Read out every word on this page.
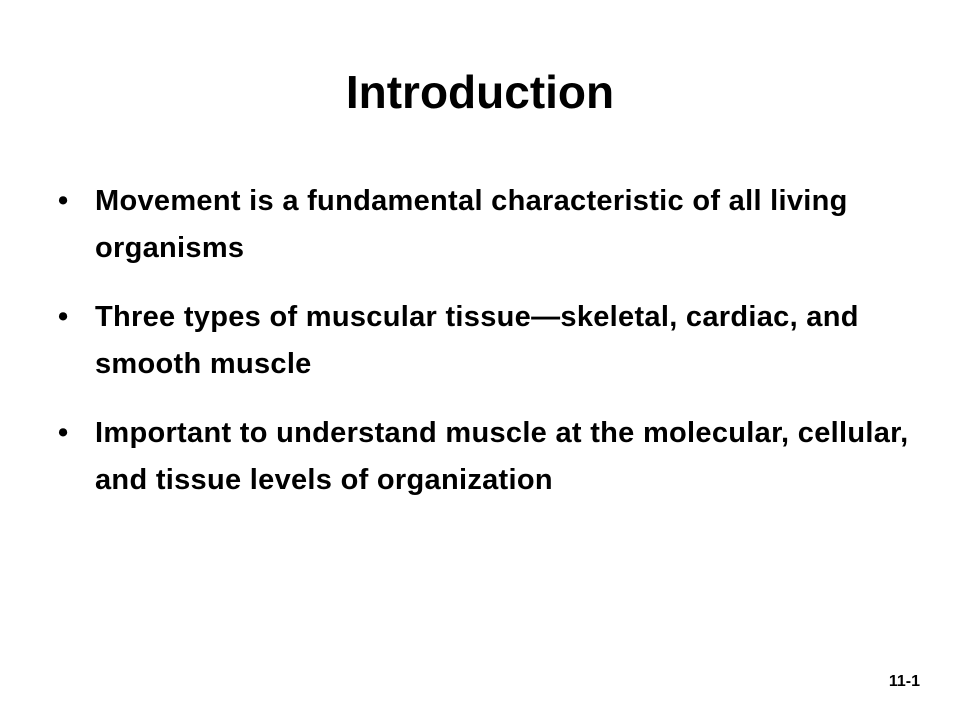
Introduction
• Movement is a fundamental characteristic of all living organisms
• Three types of muscular tissue—skeletal, cardiac, and smooth muscle
• Important to understand muscle at the molecular, cellular, and tissue levels of organization
11-1
